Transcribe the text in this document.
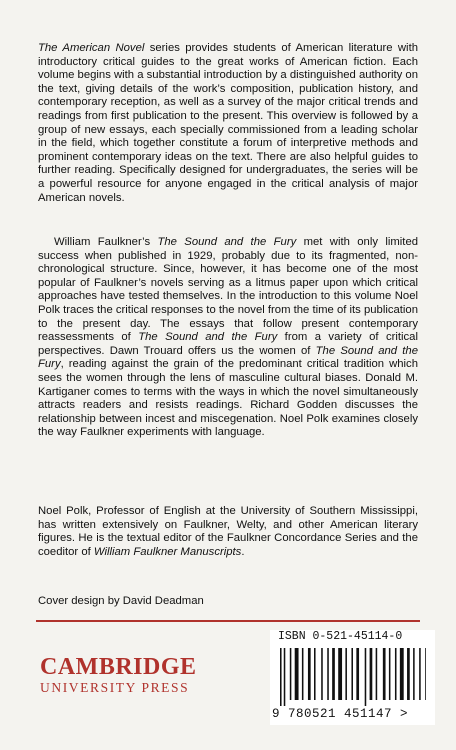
The American Novel series provides students of American literature with introductory critical guides to the great works of American fiction. Each volume begins with a substantial introduction by a distinguished authority on the text, giving details of the work’s composition, publication history, and contemporary reception, as well as a survey of the major critical trends and readings from first publication to the present. This overview is followed by a group of new essays, each specially commissioned from a leading scholar in the field, which together constitute a forum of interpretive methods and prominent contemporary ideas on the text. There are also helpful guides to further reading. Specifically designed for undergraduates, the series will be a powerful resource for anyone engaged in the critical analysis of major American novels.

William Faulkner’s The Sound and the Fury met with only limited success when published in 1929, probably due to its fragmented, non-chronological structure. Since, however, it has become one of the most popular of Faulkner’s novels serving as a litmus paper upon which critical approaches have tested themselves. In the introduction to this volume Noel Polk traces the critical responses to the novel from the time of its publication to the present day. The essays that follow present contemporary reassessments of The Sound and the Fury from a variety of critical perspectives. Dawn Trouard offers us the women of The Sound and the Fury, reading against the grain of the predominant critical tradition which sees the women through the lens of masculine cultural biases. Donald M. Kartiganer comes to terms with the ways in which the novel simultaneously attracts readers and resists readings. Richard Godden discusses the relationship between incest and miscegenation. Noel Polk examines closely the way Faulkner experiments with language.

Noel Polk, Professor of English at the University of Southern Mississippi, has written extensively on Faulkner, Welty, and other American literary figures. He is the textual editor of the Faulkner Concordance Series and the coeditor of William Faulkner Manuscripts.

Cover design by David Deadman
CAMBRIDGE
UNIVERSITY PRESS
ISBN 0-521-45114-0
9 780521 451147 >
